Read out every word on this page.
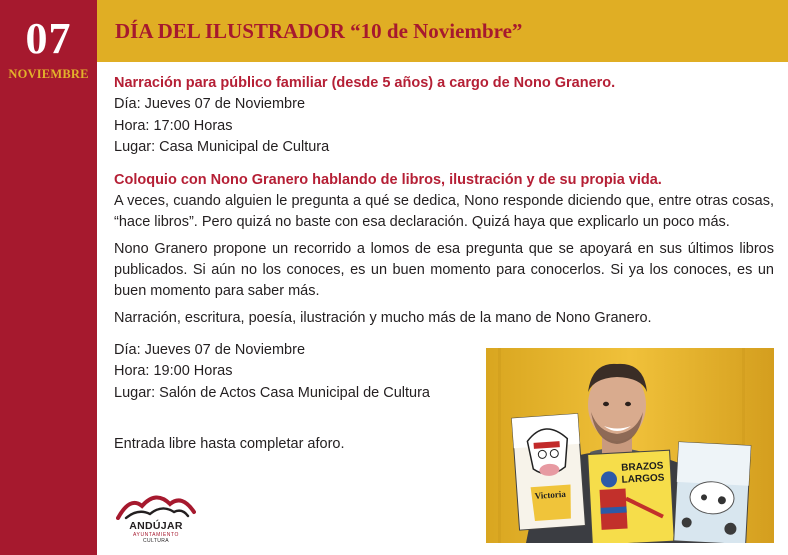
07
NOVIEMBRE
DÍA DEL ILUSTRADOR “10 de Noviembre”

Narración para público familiar (desde 5 años) a cargo de Nono Granero.

Día: Jueves 07 de Noviembre

Hora: 17:00 Horas

Lugar: Casa Municipal de Cultura

Coloquio con Nono Granero hablando de libros, ilustración y de su propia vida.

A veces, cuando alguien le pregunta a qué se dedica, Nono responde diciendo que, entre otras cosas, “hace libros”. Pero quizá no baste con esa declaración. Quizá haya que explicarlo un poco más.

Nono Granero propone un recorrido a lomos de esa pregunta que se apoyará en sus últimos libros publicados. Si aún no los conoces, es un buen momento para conocerlos. Si ya los conoces, es un buen momento para saber más.

Narración, escritura, poesía, ilustración y mucho más de la mano de Nono Granero.

Día: Jueves 07 de Noviembre

Hora: 19:00 Horas

Lugar: Salón de Actos Casa Municipal de Cultura

Entrada libre hasta completar aforo.

Victoria
BRAZOS
LARGOS
ANDÚJAR
AYUNTAMIENTO
CULTURA
